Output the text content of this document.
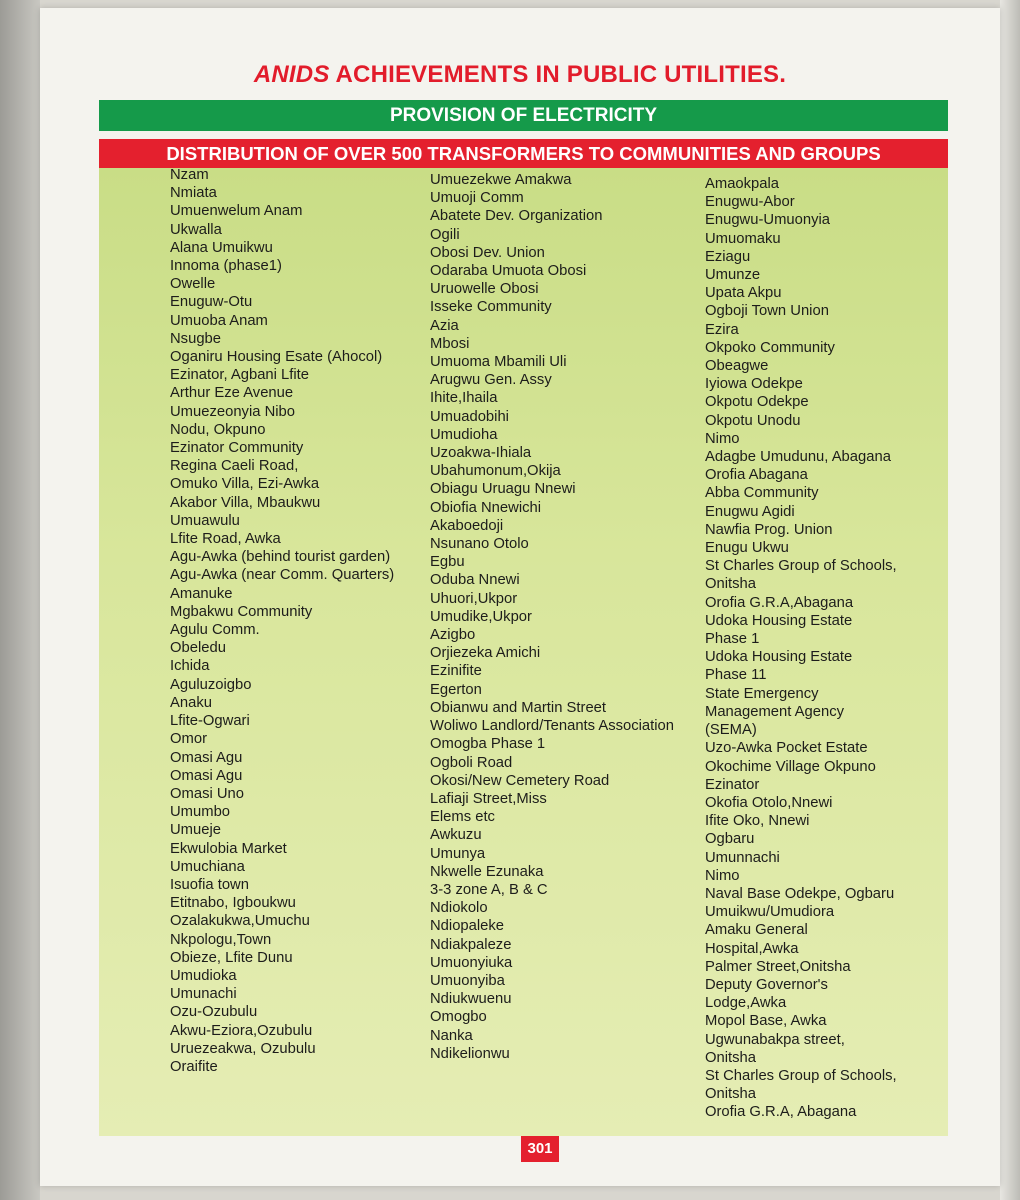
ANIDS ACHIEVEMENTS IN PUBLIC UTILITIES.
PROVISION OF ELECTRICITY
DISTRIBUTION OF OVER 500 TRANSFORMERS TO COMMUNITIES AND GROUPS
Nzam
Nmiata
Umuenwelum Anam
Ukwalla
Alana Umuikwu
Innoma (phase1)
Owelle
Enuguw-Otu
Umuoba Anam
Nsugbe
Oganiru Housing Esate (Ahocol)
Ezinator, Agbani Lfite
Arthur Eze Avenue
Umuezeonyia Nibo
Nodu, Okpuno
Ezinator Community
Regina Caeli Road,
Omuko Villa, Ezi-Awka
Akabor Villa, Mbaukwu
Umuawulu
Lfite Road, Awka
Agu-Awka (behind tourist garden)
Agu-Awka (near Comm. Quarters)
Amanuke
Mgbakwu Community
Agulu Comm.
Obeledu
Ichida
Aguluzoigbo
Anaku
Lfite-Ogwari
Omor
Omasi Agu
Omasi Agu
Omasi Uno
Umumbo
Umueje
Ekwulobia Market
Umuchiana
Isuofia town
Etitnabo, Igboukwu
Ozalakukwa,Umuchu
Nkpologu,Town
Obieze, Lfite Dunu
Umudioka
Umunachi
Ozu-Ozubulu
Akwu-Eziora,Ozubulu
Uruezeakwa, Ozubulu
Oraifite
Umuezekwe Amakwa
Umuoji Comm
Abatete Dev. Organization
Ogili
Obosi Dev. Union
Odaraba Umuota Obosi
Uruowelle Obosi
Isseke Community
Azia
Mbosi
Umuoma Mbamili Uli
Arugwu Gen. Assy
Ihite,Ihaila
Umuadobihi
Umudioha
Uzoakwa-Ihiala
Ubahumonum,Okija
Obiagu Uruagu Nnewi
Obiofia Nnewichi
Akaboedoji
Nsunano Otolo
Egbu
Oduba Nnewi
Uhuori,Ukpor
Umudike,Ukpor
Azigbo
Orjiezeka Amichi
Ezinifite
Egerton
Obianwu and Martin Street
Woliwo Landlord/Tenants Association
Omogba Phase 1
Ogboli Road
Okosi/New Cemetery Road
Lafiaji Street,Miss
Elems etc
Awkuzu
Umunya
Nkwelle Ezunaka
3-3 zone A, B & C
Ndiokolo
Ndiopaleke
Ndiakpaleze
Umuonyiuka
Umuonyiba
Ndiukwuenu
Omogbo
Nanka
Ndikelionwu
Amaokpala
Enugwu-Abor
Enugwu-Umuonyia
Umuomaku
Eziagu
Umunze
Upata Akpu
Ogboji Town Union
Ezira
Okpoko Community
Obeagwe
Iyiowa Odekpe
Okpotu Odekpe
Okpotu Unodu
Nimo
Adagbe Umudunu, Abagana
Orofia Abagana
Abba Community
Enugwu Agidi
Nawfia Prog. Union
Enugu Ukwu
St Charles Group of Schools,
Onitsha
Orofia G.R.A,Abagana
Udoka Housing Estate
Phase 1
Udoka Housing Estate
Phase 11
State Emergency
Management Agency
(SEMA)
Uzo-Awka Pocket Estate
Okochime Village Okpuno
Ezinator
Okofia Otolo,Nnewi
Ifite Oko, Nnewi
Ogbaru
Umunnachi
Nimo
Naval Base Odekpe, Ogbaru
Umuikwu/Umudiora
Amaku General
Hospital,Awka
Palmer Street,Onitsha
Deputy Governor's
Lodge,Awka
Mopol Base, Awka
Ugwunabakpa street,
Onitsha
St Charles Group of Schools,
Onitsha
Orofia G.R.A, Abagana
301
